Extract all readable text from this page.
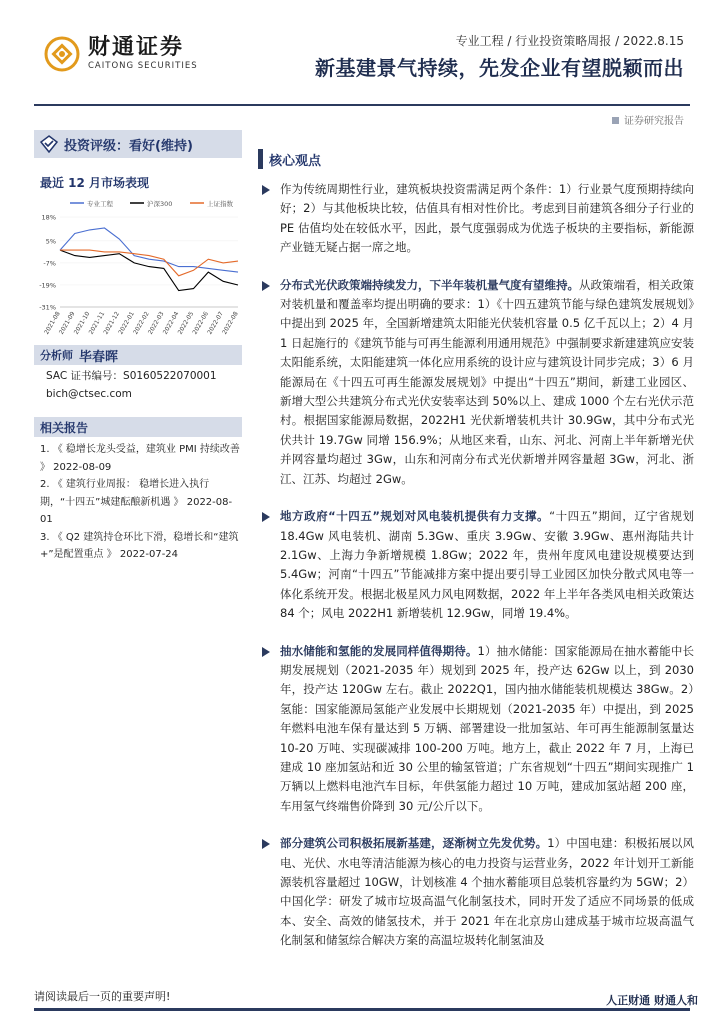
财通证券
CAITONG SECURITIES
专业工程 / 行业投资策略周报 / 2022.8.15
新基建景气持续，先发企业有望脱颖而出
证券研究报告
投资评级：看好(维持)
最近 12 月市场表现
专业工程	沪深300	上证指数
18%
5%
-7%
-19%
-31%
2021-08
2021-09
2021-10
2021-11
2021-12
2022-01
2022-02
2022-03
2022-04
2022-05
2022-06
2022-07
2022-08
分析师 毕春晖
SAC 证书编号：S0160522070001
bich@ctsec.com
相关报告
1. 《 稳增长龙头受益，建筑业 PMI 持续改善 》 2022-08-09
2. 《 建筑行业周报： 稳增长进入执行期，“十四五”城建酝酿新机遇 》 2022-08-01
3. 《 Q2 建筑持仓环比下滑，稳增长和“建筑+”是配置重点 》 2022-07-24
核心观点
作为传统周期性行业，建筑板块投资需满足两个条件：1）行业景气度预期持续向好；2）与其他板块比较，估值具有相对性价比。考虑到目前建筑各细分子行业的 PE 估值均处在较低水平，因此，景气度强弱成为优选子板块的主要指标，新能源产业链无疑占据一席之地。
分布式光伏政策端持续发力，下半年装机量气度有望维持。从政策端看，相关政策对装机量和覆盖率均提出明确的要求：1）《十四五建筑节能与绿色建筑发展规划》中提出到 2025 年，全国新增建筑太阳能光伏装机容量 0.5 亿千瓦以上；2）4 月 1 日起施行的《建筑节能与可再生能源利用通用规范》中强制要求新建建筑应安装太阳能系统，太阳能建筑一体化应用系统的设计应与建筑设计同步完成；3）6 月能源局在《十四五可再生能源发展规划》中提出“十四五”期间，新建工业园区、新增大型公共建筑分布式光伏安装率达到 50%以上、建成 1000 个左右光伏示范村。根据国家能源局数据，2022H1 光伏新增装机共计 30.9Gw，其中分布式光伏共计 19.7Gw 同增 156.9%；从地区来看，山东、河北、河南上半年新增光伏并网容量均超过 3Gw，山东和河南分布式光伏新增并网容量超 3Gw，河北、浙江、江苏、均超过 2Gw。
地方政府“十四五”规划对风电装机提供有力支撑。“十四五”期间，辽宁省规划 18.4Gw 风电装机、湖南 5.3Gw、重庆 3.9Gw、安徽 3.9Gw、惠州海陆共计 2.1Gw、上海力争新增规模 1.8Gw；2022 年，贵州年度风电建设规模要达到 5.4Gw；河南“十四五”节能减排方案中提出要引导工业园区加快分散式风电等一体化系统开发。根据北极星风力风电网数据，2022 年上半年各类风电相关政策达 84 个；风电 2022H1 新增装机 12.9Gw，同增 19.4%。
抽水储能和氢能的发展同样值得期待。1）抽水储能：国家能源局在抽水蓄能中长期发展规划（2021-2035 年）规划到 2025 年，投产达 62Gw 以上，到 2030 年，投产达 120Gw 左右。截止 2022Q1，国内抽水储能装机规模达 38Gw。2）氢能：国家能源局氢能产业发展中长期规划（2021-2035 年）中提出，到 2025 年燃料电池车保有量达到 5 万辆、部署建设一批加氢站、年可再生能源制氢量达 10-20 万吨、实现碳减排 100-200 万吨。地方上，截止 2022 年 7 月，上海已建成 10 座加氢站和近 30 公里的输氢管道；广东省规划“十四五”期间实现推广 1 万辆以上燃料电池汽车目标，年供氢能力超过 10 万吨，建成加氢站超 200 座，车用氢气终端售价降到 30 元/公斤以下。
部分建筑公司积极拓展新基建，逐渐树立先发优势。1）中国电建：积极拓展以风电、光伏、水电等清洁能源为核心的电力投资与运营业务，2022 年计划开工新能源装机容量超过 10GW，计划核准 4 个抽水蓄能项目总装机容量约为 5GW；2）中国化学：研发了城市垃圾高温气化制氢技术，同时开发了适应不同场景的低成本、安全、高效的储氢技术，并于 2021 年在北京房山建成基于城市垃圾高温气化制氢和储氢综合解决方案的高温垃圾转化制氢油及
请阅读最后一页的重要声明!	人正财通 财通人和
